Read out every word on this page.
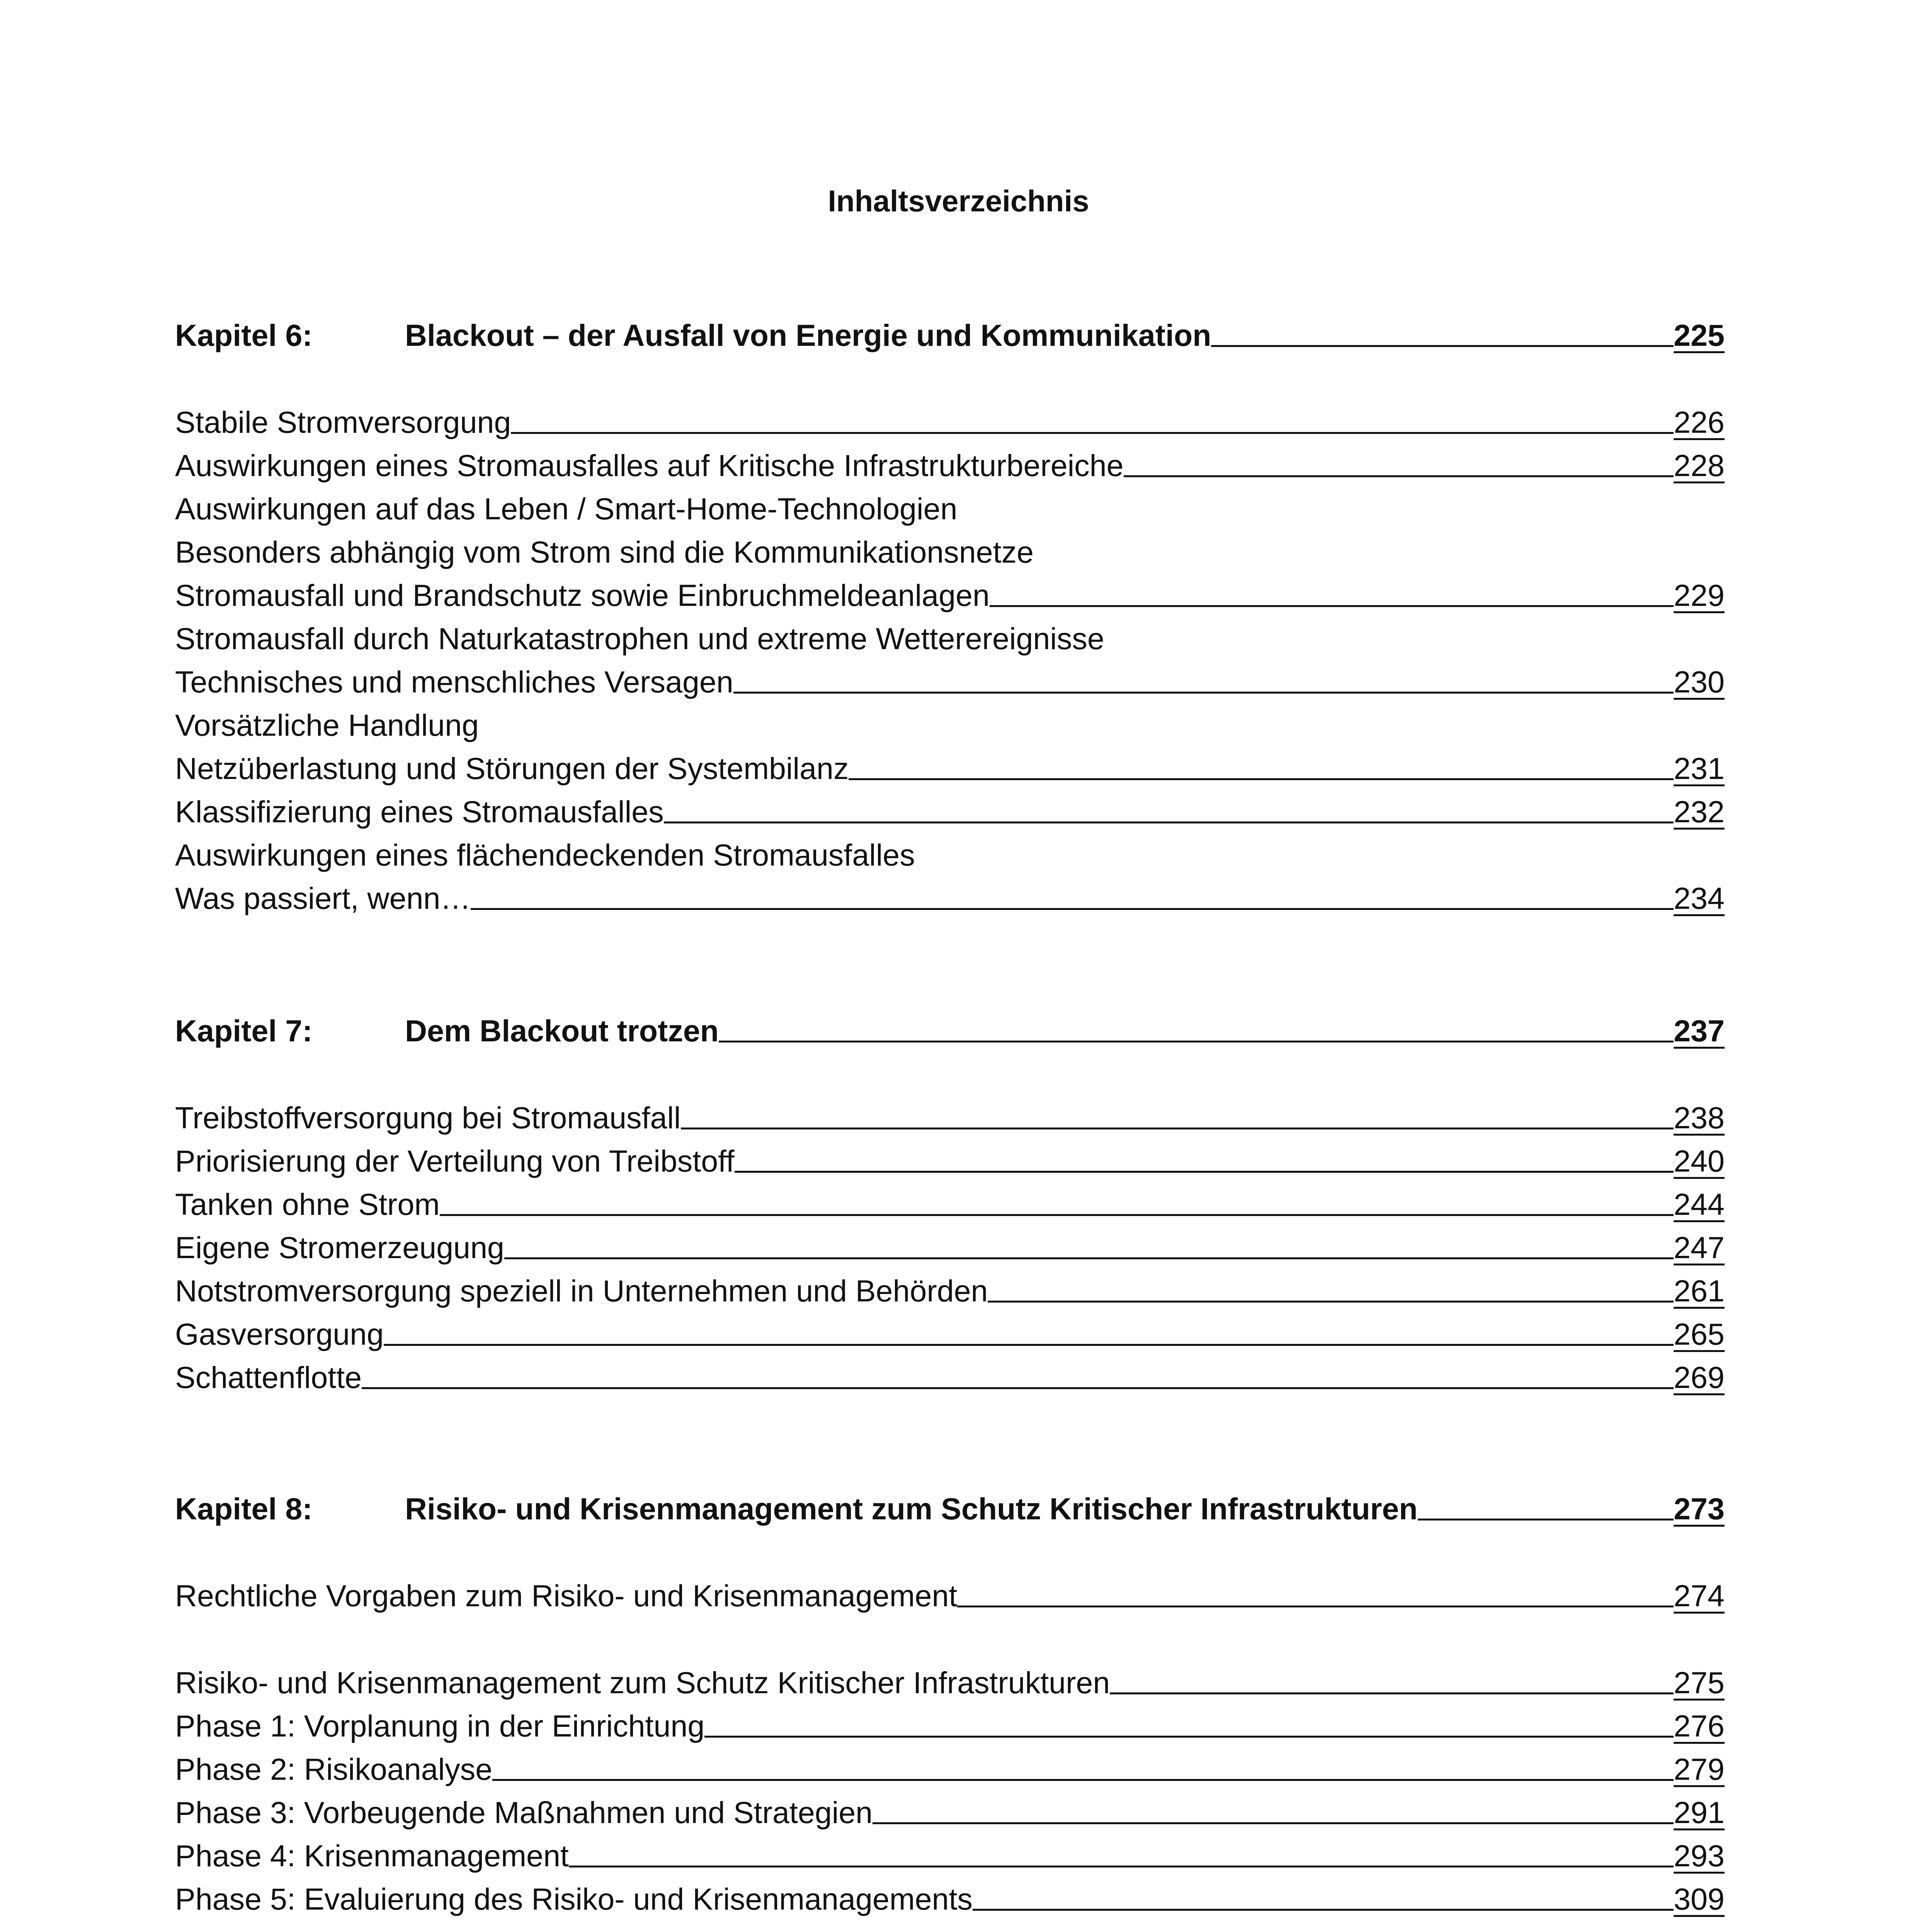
Inhaltsverzeichnis
Kapitel 6:	Blackout – der Ausfall von Energie und Kommunikation	225
Stabile Stromversorgung	226
Auswirkungen eines Stromausfalles auf Kritische Infrastrukturbereiche	228
Auswirkungen auf das Leben / Smart-Home-Technologien
Besonders abhängig vom Strom sind die Kommunikationsnetze
Stromausfall und Brandschutz sowie Einbruchmeldeanlagen	229
Stromausfall durch Naturkatastrophen und extreme Wetterereignisse
Technisches und menschliches Versagen	230
Vorsätzliche Handlung
Netzüberlastung und Störungen der Systembilanz	231
Klassifizierung eines Stromausfalles	232
Auswirkungen eines flächendeckenden Stromausfalles
Was passiert, wenn…	234
Kapitel 7:	Dem Blackout trotzen	237
Treibstoffversorgung bei Stromausfall	238
Priorisierung der Verteilung von Treibstoff	240
Tanken ohne Strom	244
Eigene Stromerzeugung	247
Notstromversorgung speziell in Unternehmen und Behörden	261
Gasversorgung	265
Schattenflotte	269
Kapitel 8:	Risiko- und Krisenmanagement zum Schutz Kritischer Infrastrukturen	273
Rechtliche Vorgaben zum Risiko- und Krisenmanagement	274
Risiko- und Krisenmanagement zum Schutz Kritischer Infrastrukturen	275
Phase 1: Vorplanung in der Einrichtung	276
Phase 2: Risikoanalyse	279
Phase 3: Vorbeugende Maßnahmen und Strategien	291
Phase 4: Krisenmanagement	293
Phase 5: Evaluierung des Risiko- und Krisenmanagements	309
